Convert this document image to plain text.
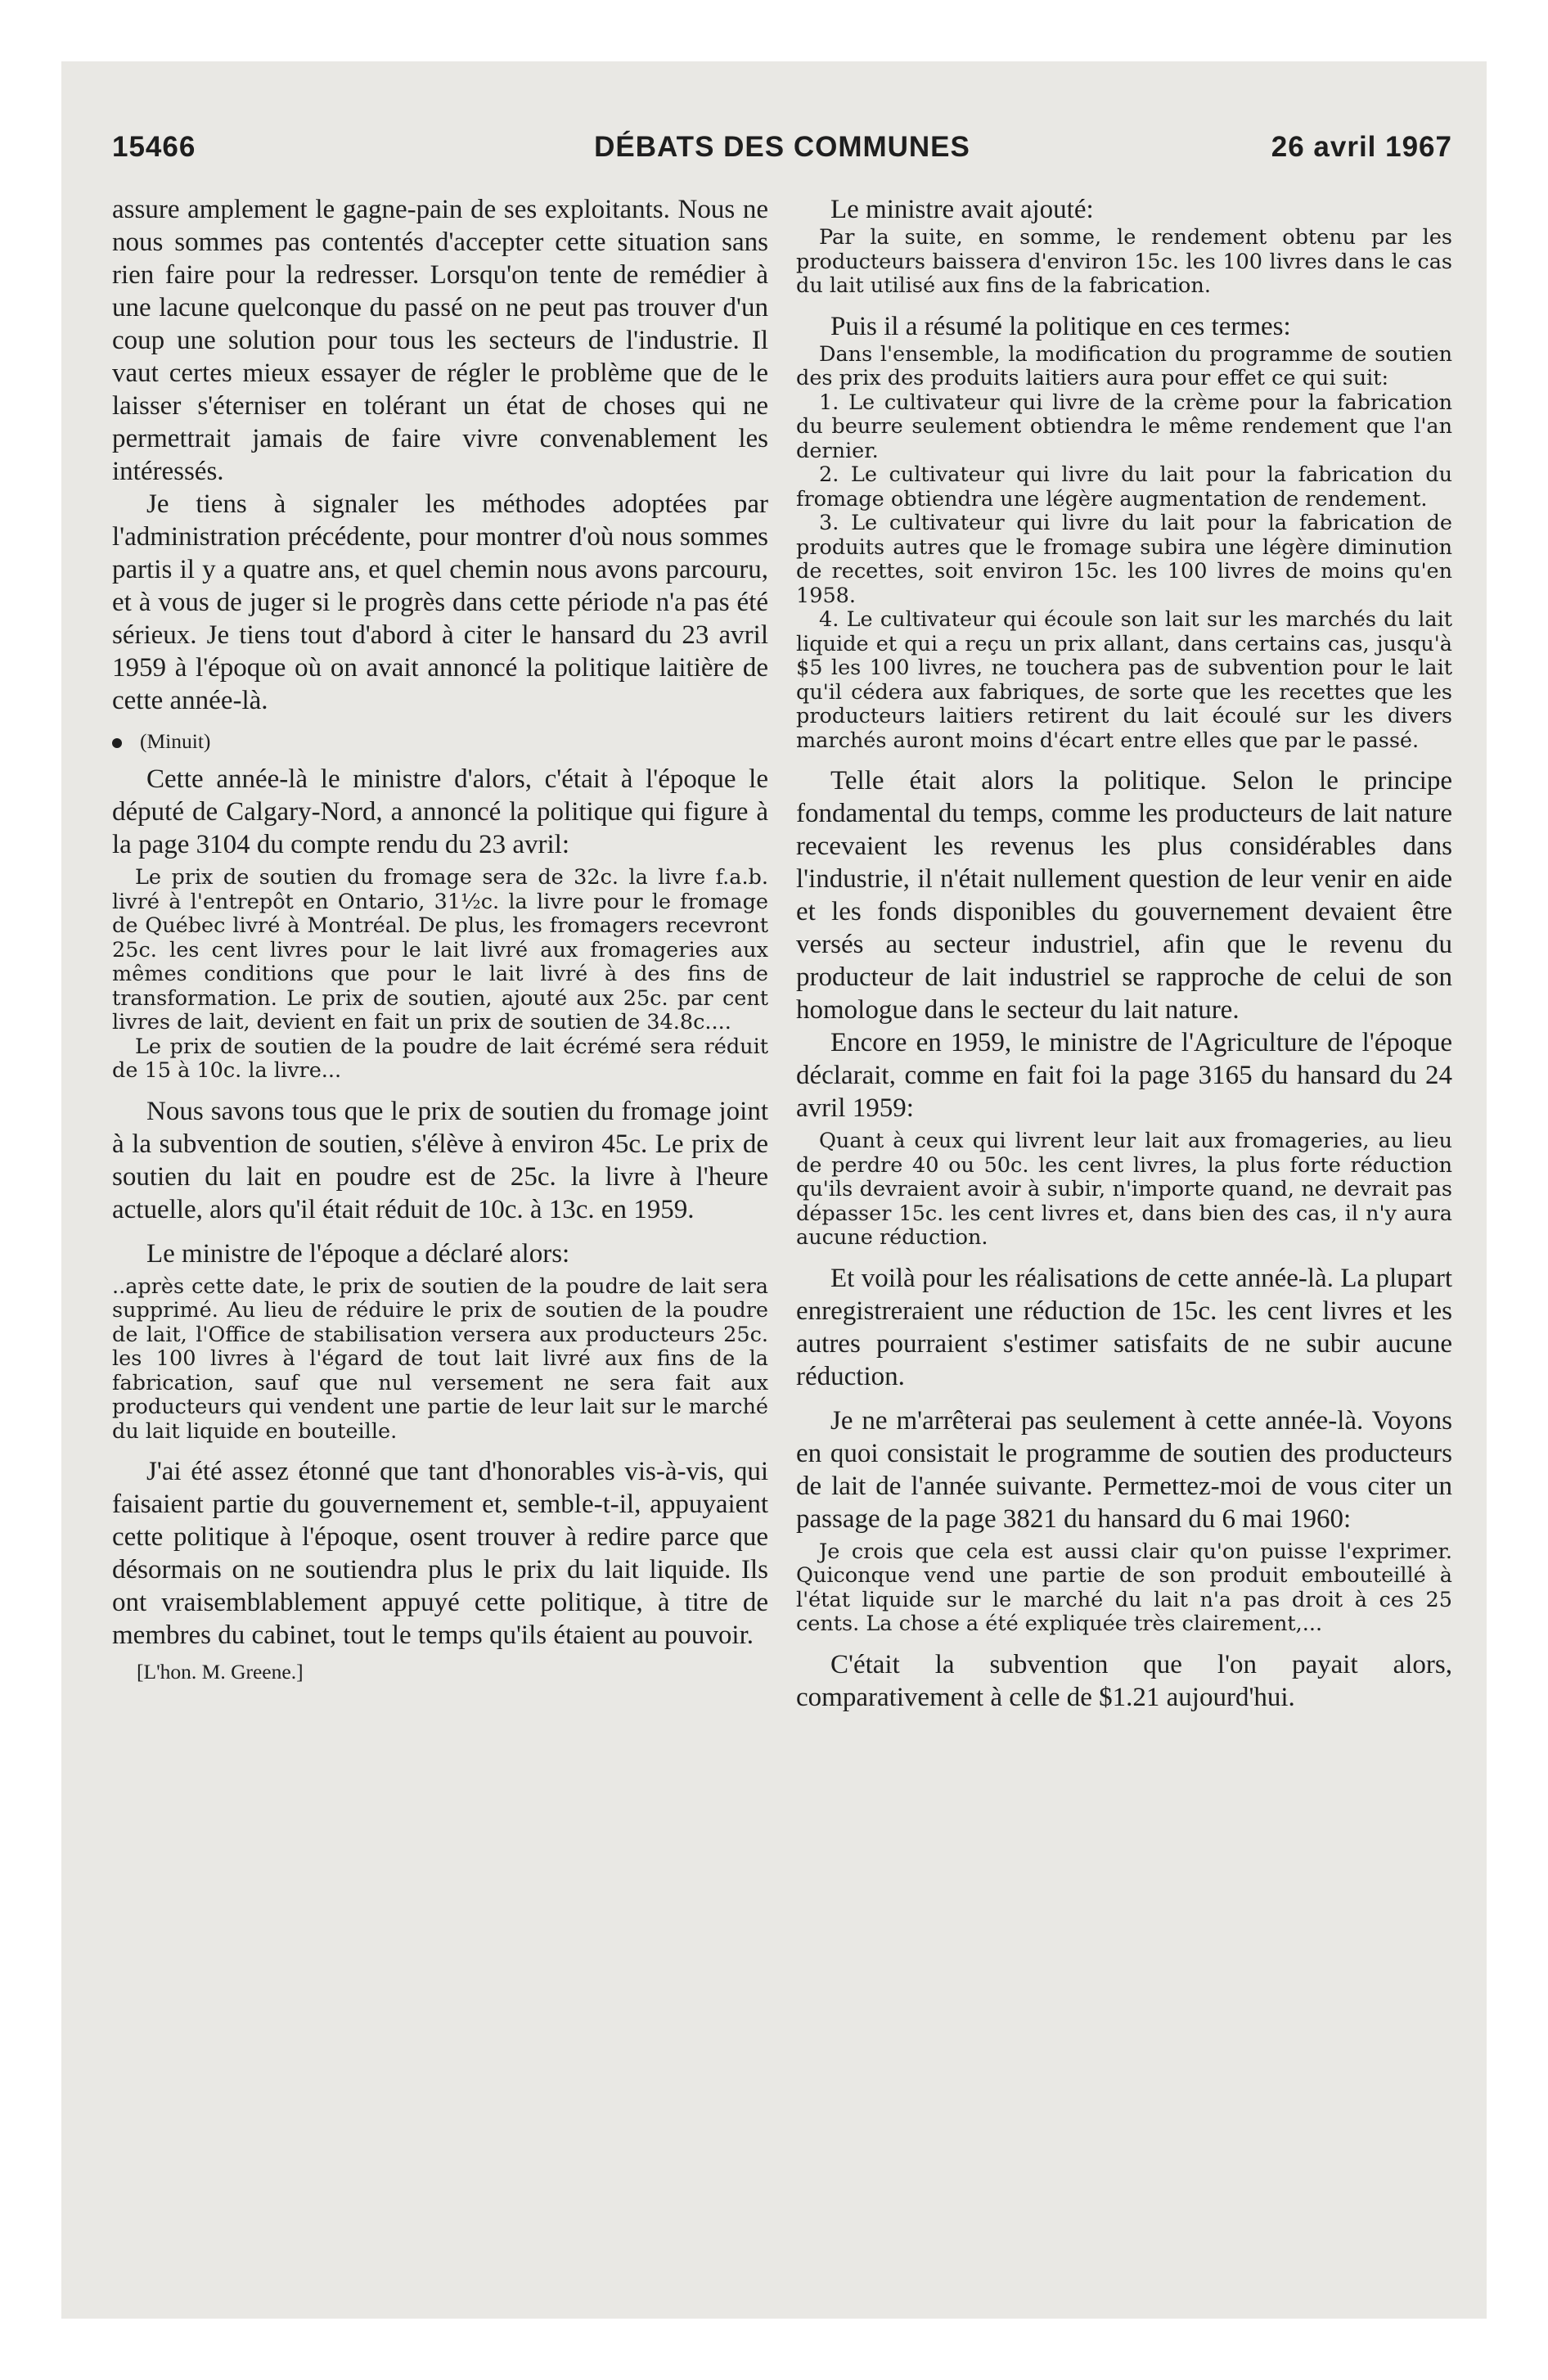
15466	DÉBATS DES COMMUNES	26 avril 1967

assure amplement le gagne-pain de ses exploitants. Nous ne nous sommes pas contentés d'accepter cette situation sans rien faire pour la redresser. Lorsqu'on tente de remédier à une lacune quelconque du passé on ne peut pas trouver d'un coup une solution pour tous les secteurs de l'industrie. Il vaut certes mieux essayer de régler le problème que de le laisser s'éterniser en tolérant un état de choses qui ne permettrait jamais de faire vivre convenablement les intéressés.

Je tiens à signaler les méthodes adoptées par l'administration précédente, pour montrer d'où nous sommes partis il y a quatre ans, et quel chemin nous avons parcouru, et à vous de juger si le progrès dans cette période n'a pas été sérieux. Je tiens tout d'abord à citer le hansard du 23 avril 1959 à l'époque où on avait annoncé la politique laitière de cette année-là.

(Minuit)

Cette année-là le ministre d'alors, c'était à l'époque le député de Calgary-Nord, a annoncé la politique qui figure à la page 3104 du compte rendu du 23 avril:

Le prix de soutien du fromage sera de 32c. la livre f.a.b. livré à l'entrepôt en Ontario, 31½c. la livre pour le fromage de Québec livré à Montréal. De plus, les fromagers recevront 25c. les cent livres pour le lait livré aux fromageries aux mêmes conditions que pour le lait livré à des fins de transformation. Le prix de soutien, ajouté aux 25c. par cent livres de lait, devient en fait un prix de soutien de 34.8c....

Le prix de soutien de la poudre de lait écrémé sera réduit de 15 à 10c. la livre...

Nous savons tous que le prix de soutien du fromage joint à la subvention de soutien, s'élève à environ 45c. Le prix de soutien du lait en poudre est de 25c. la livre à l'heure actuelle, alors qu'il était réduit de 10c. à 13c. en 1959.

Le ministre de l'époque a déclaré alors:

..après cette date, le prix de soutien de la poudre de lait sera supprimé. Au lieu de réduire le prix de soutien de la poudre de lait, l'Office de stabilisation versera aux producteurs 25c. les 100 livres à l'égard de tout lait livré aux fins de la fabrication, sauf que nul versement ne sera fait aux producteurs qui vendent une partie de leur lait sur le marché du lait liquide en bouteille.

J'ai été assez étonné que tant d'honorables vis-à-vis, qui faisaient partie du gouvernement et, semble-t-il, appuyaient cette politique à l'époque, osent trouver à redire parce que désormais on ne soutiendra plus le prix du lait liquide. Ils ont vraisemblablement appuyé cette politique, à titre de membres du cabinet, tout le temps qu'ils étaient au pouvoir.

[L'hon. M. Greene.]

Le ministre avait ajouté:

Par la suite, en somme, le rendement obtenu par les producteurs baissera d'environ 15c. les 100 livres dans le cas du lait utilisé aux fins de la fabrication.

Puis il a résumé la politique en ces termes:

Dans l'ensemble, la modification du programme de soutien des prix des produits laitiers aura pour effet ce qui suit:
1. Le cultivateur qui livre de la crème pour la fabrication du beurre seulement obtiendra le même rendement que l'an dernier.
2. Le cultivateur qui livre du lait pour la fabrication du fromage obtiendra une légère augmentation de rendement.
3. Le cultivateur qui livre du lait pour la fabrication de produits autres que le fromage subira une légère diminution de recettes, soit environ 15c. les 100 livres de moins qu'en 1958.
4. Le cultivateur qui écoule son lait sur les marchés du lait liquide et qui a reçu un prix allant, dans certains cas, jusqu'à $5 les 100 livres, ne touchera pas de subvention pour le lait qu'il cédera aux fabriques, de sorte que les recettes que les producteurs laitiers retirent du lait écoulé sur les divers marchés auront moins d'écart entre elles que par le passé.

Telle était alors la politique. Selon le principe fondamental du temps, comme les producteurs de lait nature recevaient les revenus les plus considérables dans l'industrie, il n'était nullement question de leur venir en aide et les fonds disponibles du gouvernement devaient être versés au secteur industriel, afin que le revenu du producteur de lait industriel se rapproche de celui de son homologue dans le secteur du lait nature.

Encore en 1959, le ministre de l'Agriculture de l'époque déclarait, comme en fait foi la page 3165 du hansard du 24 avril 1959:

Quant à ceux qui livrent leur lait aux fromageries, au lieu de perdre 40 ou 50c. les cent livres, la plus forte réduction qu'ils devraient avoir à subir, n'importe quand, ne devrait pas dépasser 15c. les cent livres et, dans bien des cas, il n'y aura aucune réduction.

Et voilà pour les réalisations de cette année-là. La plupart enregistreraient une réduction de 15c. les cent livres et les autres pourraient s'estimer satisfaits de ne subir aucune réduction.

Je ne m'arrêterai pas seulement à cette année-là. Voyons en quoi consistait le programme de soutien des producteurs de lait de l'année suivante. Permettez-moi de vous citer un passage de la page 3821 du hansard du 6 mai 1960:

Je crois que cela est aussi clair qu'on puisse l'exprimer. Quiconque vend une partie de son produit embouteillé à l'état liquide sur le marché du lait n'a pas droit à ces 25 cents. La chose a été expliquée très clairement,...

C'était la subvention que l'on payait alors, comparativement à celle de $1.21 aujourd'hui.
